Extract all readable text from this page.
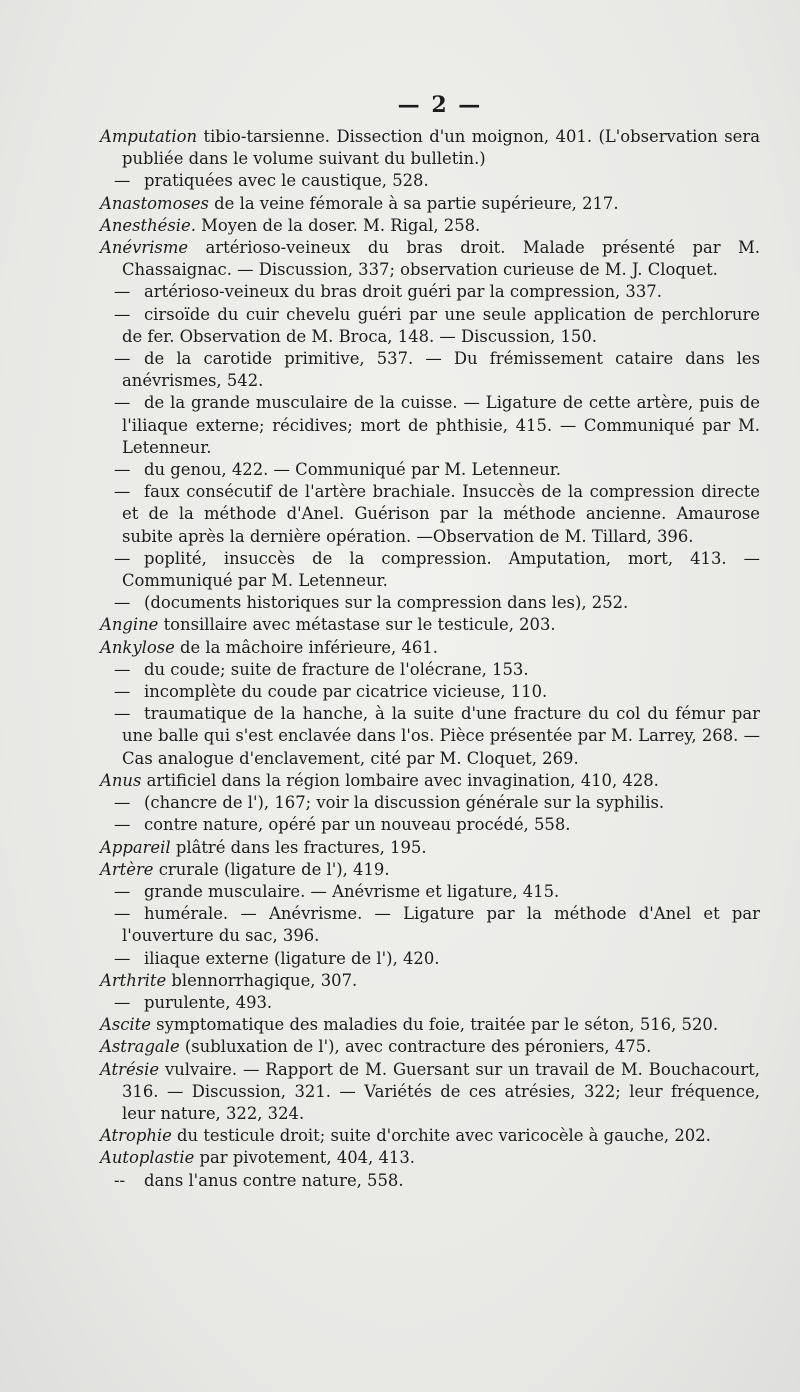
— 2 —

Amputation tibio-tarsienne. Dissection d'un moignon, 401. (L'observation sera publiée dans le volume suivant du bulletin.)

— pratiquées avec le caustique, 528.

Anastomoses de la veine fémorale à sa partie supérieure, 217.

Anesthésie. Moyen de la doser. M. Rigal, 258.

Anévrisme artérioso-veineux du bras droit. Malade présenté par M. Chassaignac. — Discussion, 337; observation curieuse de M. J. Cloquet.

— artérioso-veineux du bras droit guéri par la compression, 337.

— cirsoïde du cuir chevelu guéri par une seule application de perchlorure de fer. Observation de M. Broca, 148. — Discussion, 150.

— de la carotide primitive, 537. — Du frémissement cataire dans les anévrismes, 542.

— de la grande musculaire de la cuisse. — Ligature de cette artère, puis de l'iliaque externe; récidives; mort de phthisie, 415. — Communiqué par M. Letenneur.

— du genou, 422. — Communiqué par M. Letenneur.

— faux consécutif de l'artère brachiale. Insuccès de la compression directe et de la méthode d'Anel. Guérison par la méthode ancienne. Amaurose subite après la dernière opération. —Observation de M. Tillard, 396.

— poplité, insuccès de la compression. Amputation, mort, 413. — Communiqué par M. Letenneur.

— (documents historiques sur la compression dans les), 252.

Angine tonsillaire avec métastase sur le testicule, 203.

Ankylose de la mâchoire inférieure, 461.

— du coude; suite de fracture de l'olécrane, 153.

— incomplète du coude par cicatrice vicieuse, 110.

— traumatique de la hanche, à la suite d'une fracture du col du fémur par une balle qui s'est enclavée dans l'os. Pièce présentée par M. Larrey, 268. — Cas analogue d'enclavement, cité par M. Cloquet, 269.

Anus artificiel dans la région lombaire avec invagination, 410, 428.

— (chancre de l'), 167; voir la discussion générale sur la syphilis.

— contre nature, opéré par un nouveau procédé, 558.

Appareil plâtré dans les fractures, 195.

Artère crurale (ligature de l'), 419.

— grande musculaire. — Anévrisme et ligature, 415.

— humérale. — Anévrisme. — Ligature par la méthode d'Anel et par l'ouverture du sac, 396.

— iliaque externe (ligature de l'), 420.

Arthrite blennorrhagique, 307.

— purulente, 493.

Ascite symptomatique des maladies du foie, traitée par le séton, 516, 520.

Astragale (subluxation de l'), avec contracture des péroniers, 475.

Atrésie vulvaire. — Rapport de M. Guersant sur un travail de M. Bouchacourt, 316. — Discussion, 321. — Variétés de ces atrésies, 322; leur fréquence, leur nature, 322, 324.

Atrophie du testicule droit; suite d'orchite avec varicocèle à gauche, 202.

Autoplastie par pivotement, 404, 413.

-- dans l'anus contre nature, 558.
